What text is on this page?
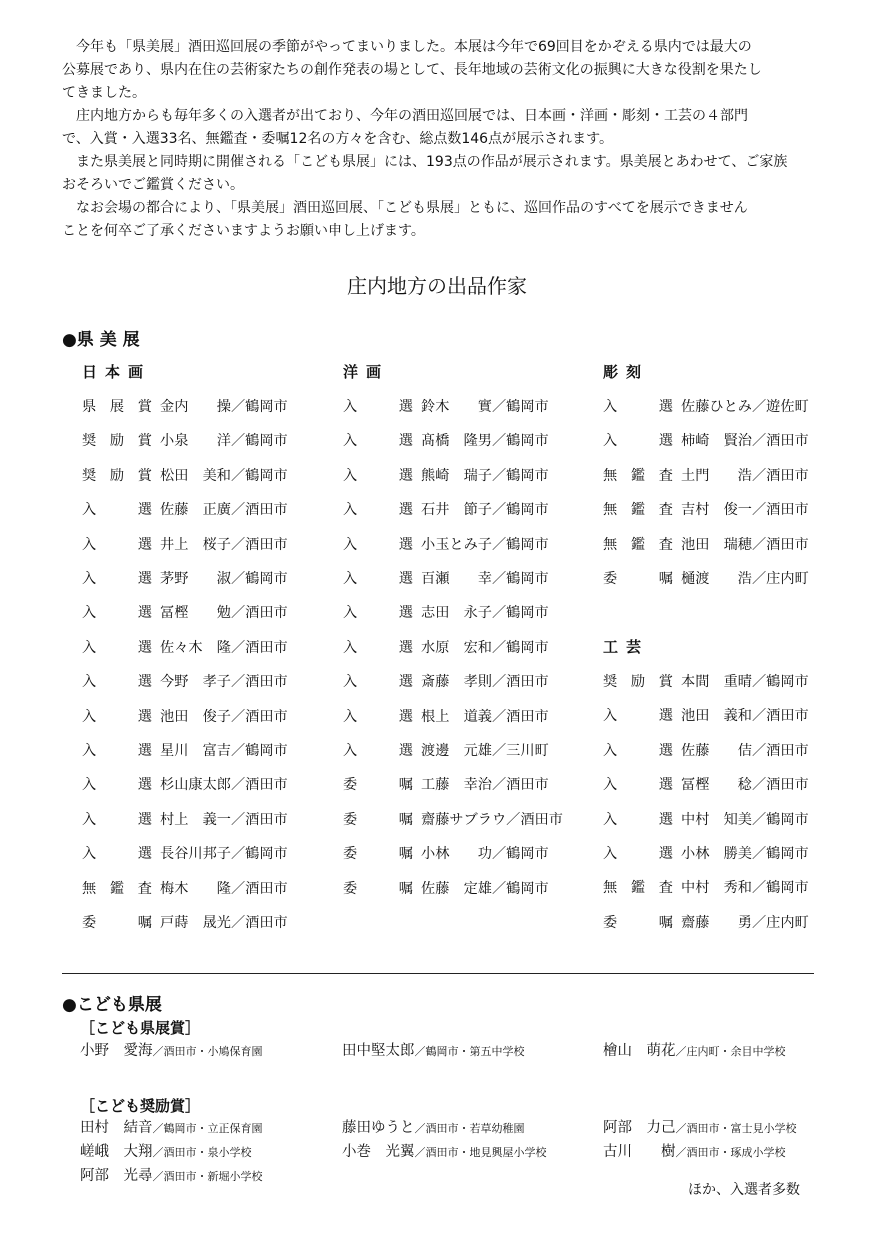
今年も「県美展」酒田巡回展の季節がやってまいりました。本展は今年で69回目をかぞえる県内では最大の

公募展であり、県内在住の芸術家たちの創作発表の場として、長年地域の芸術文化の振興に大きな役割を果たし

てきました。

庄内地方からも毎年多くの入選者が出ており、今年の酒田巡回展では、日本画・洋画・彫刻・工芸の４部門

で、入賞・入選33名、無鑑査・委嘱12名の方々を含む、総点数146点が展示されます。

また県美展と同時期に開催される「こども県展」には、193点の作品が展示されます。県美展とあわせて、ご家族

おそろいでご鑑賞ください。

なお会場の都合により、「県美展」酒田巡回展、「こども県展」ともに、巡回作品のすべてを展示できません

ことを何卒ご了承くださいますようお願い申し上げます。

庄内地方の出品作家
●県 美 展
日本画
県 展 賞 金内　　操／鶴岡市
奨 励 賞 小泉　　洋／鶴岡市
奨 励 賞 松田　美和／鶴岡市
入	選 佐藤　正廣／酒田市
入	選 井上　桜子／酒田市
入	選 茅野　　淑／鶴岡市
入	選 冨樫　　勉／酒田市
入	選 佐々木　隆／酒田市
入	選 今野　孝子／酒田市
入	選 池田　俊子／酒田市
入	選 星川　富吉／鶴岡市
入	選 杉山康太郎／酒田市
入	選 村上　義一／酒田市
入	選 長谷川邦子／鶴岡市
無 鑑 査 梅木　　隆／酒田市
委	嘱 戸蒔　晟光／酒田市
洋画
入	選 鈴木　　實／鶴岡市
入	選 髙橋　隆男／鶴岡市
入	選 熊崎　瑞子／鶴岡市
入	選 石井　節子／鶴岡市
入	選 小玉とみ子／鶴岡市
入	選 百瀬　　幸／鶴岡市
入	選 志田　永子／鶴岡市
入	選 水原　宏和／鶴岡市
入	選 斎藤　孝則／酒田市
入	選 根上　道義／酒田市
入	選 渡邊　元雄／三川町
委	嘱 工藤　幸治／酒田市
委	嘱 齋藤サブラウ／酒田市
委	嘱 小林　　功／鶴岡市
委	嘱 佐藤　定雄／鶴岡市
彫刻
入	選 佐藤ひとみ／遊佐町
入	選 柿崎　賢治／酒田市
無 鑑 査 土門　　浩／酒田市
無 鑑 査 吉村　俊一／酒田市
無 鑑 査 池田　瑞穂／酒田市
委	嘱 樋渡　　浩／庄内町
工芸
奨 励 賞 本間　重晴／鶴岡市
入	選 池田　義和／酒田市
入	選 佐藤　　佶／酒田市
入	選 冨樫　　稔／酒田市
入	選 中村　知美／鶴岡市
入	選 小林　勝美／鶴岡市
無 鑑 査 中村　秀和／鶴岡市
委	嘱 齋藤　　勇／庄内町
●こども県展
［こども県展賞］
小野　愛海／酒田市・小鳩保育園	田中堅太郎／鶴岡市・第五中学校	檜山　萌花／庄内町・余目中学校
［こども奨励賞］
田村　結音／鶴岡市・立正保育園	藤田ゆうと／酒田市・若草幼稚園	阿部　力己／酒田市・富士見小学校
嵯峨　大翔／酒田市・泉小学校	小巻　光翼／酒田市・地見興屋小学校	古川　　樹／酒田市・琢成小学校
阿部　光尋／酒田市・新堀小学校
ほか、入選者多数
